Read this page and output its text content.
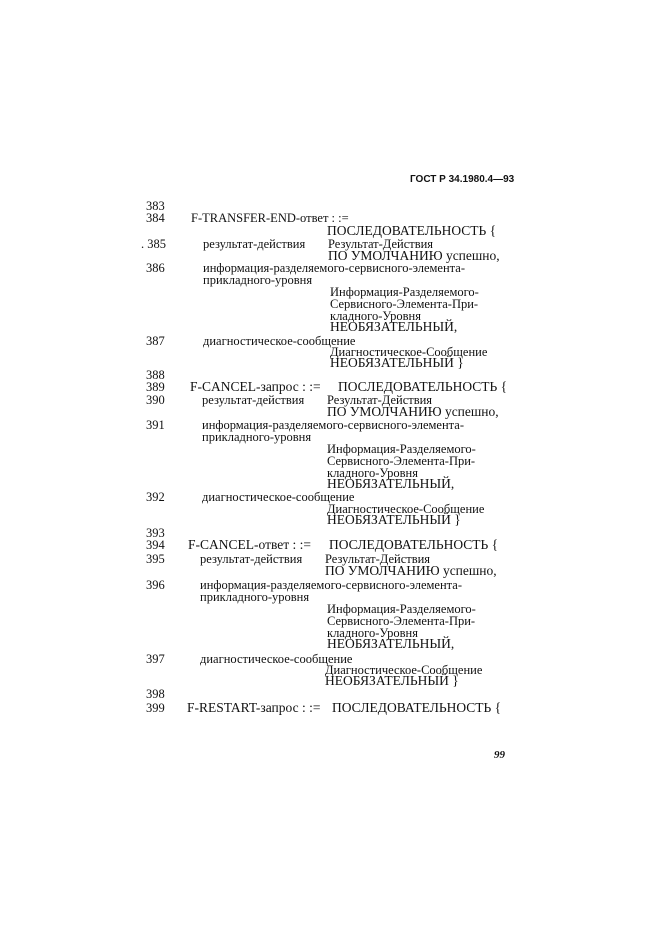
ГОСТ Р 34.1980.4—93
383
384 F-TRANSFER-END-ответ : :=
ПОСЛЕДОВАТЕЛЬНОСТЬ {
. 385	результат-действия Результат-Действия
ПО УМОЛЧАНИЮ успешно,
386	информация-разделяемого-сервисного-элемента-
прикладного-уровня
Информация-Разделяемого-
Сервисного-Элемента-При-
кладного-Уровня
НЕОБЯЗАТЕЛЬНЫЙ,
387	диагностическое-сообщение
Диагностическое-Сообщение
НЕОБЯЗАТЕЛЬНЫЙ }
388
389 F-CANCEL-запрос : := ПОСЛЕДОВАТЕЛЬНОСТЬ {
390	результат-действия Результат-Действия
ПО УМОЛЧАНИЮ успешно,
391	информация-разделяемого-сервисного-элемента-
прикладного-уровня
Информация-Разделяемого-
Сервисного-Элемента-При-
кладного-Уровня
НЕОБЯЗАТЕЛЬНЫЙ,
392	диагностическое-сообщение
Диагностическое-Сообщение
НЕОБЯЗАТЕЛЬНЫЙ }
393
394 F-CANCEL-ответ : := ПОСЛЕДОВАТЕЛЬНОСТЬ {
395	результат-действия Результат-Действия
ПО УМОЛЧАНИЮ успешно,
396	информация-разделяемого-сервисного-элемента-
прикладного-уровня
Информация-Разделяемого-
Сервисного-Элемента-При-
кладного-Уровня
НЕОБЯЗАТЕЛЬНЫЙ,
397	диагностическое-сообщение
Диагностическое-Сообщение
НЕОБЯЗАТЕЛЬНЫЙ }
398
399 F-RESTART-запрос : := ПОСЛЕДОВАТЕЛЬНОСТЬ {
99
